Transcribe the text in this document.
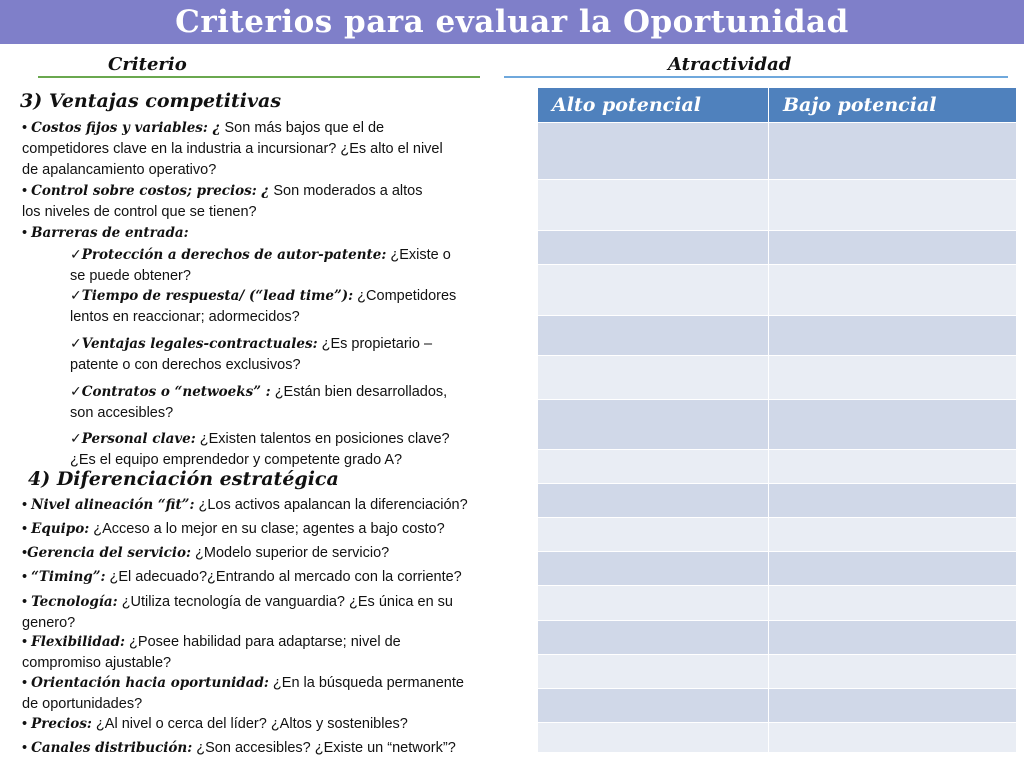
Criterios para evaluar la Oportunidad
Criterio	Atractividad
3) Ventajas competitivas
• Costos fijos y variables: ¿ Son más bajos que el de
competidores clave en la industria a incursionar? ¿Es alto el nivel
de apalancamiento operativo?
• Control sobre costos; precios: ¿ Son moderados a altos
los niveles de control que se tienen?
• Barreras de entrada:
✓Protección a derechos de autor-patente: ¿Existe o
se puede obtener?
✓Tiempo de respuesta/ (“lead time”): ¿Competidores
lentos en reaccionar; adormecidos?
✓Ventajas legales-contractuales: ¿Es propietario –
patente o con derechos exclusivos?
✓Contratos o “netwoeks” : ¿Están bien desarrollados,
son accesibles?
✓Personal clave: ¿Existen talentos en posiciones clave?
¿Es el equipo emprendedor y competente grado A?
4) Diferenciación estratégica
• Nivel alineación “fit”: ¿Los activos apalancan la diferenciación?
• Equipo: ¿Acceso a lo mejor en su clase; agentes a bajo costo?
•Gerencia del servicio: ¿Modelo superior de servicio?
• “Timing”: ¿El adecuado?¿Entrando al mercado con la corriente?
• Tecnología: ¿Utiliza tecnología de vanguardia? ¿Es única en su
genero?
• Flexibilidad: ¿Posee habilidad para adaptarse; nivel de
compromiso ajustable?
• Orientación hacia oportunidad: ¿En la búsqueda permanente
de oportunidades?
• Precios: ¿Al nivel o cerca del líder? ¿Altos y sostenibles?
• Canales distribución: ¿Son accesibles? ¿Existe un “network”?
Alto potencial	Bajo potencial
